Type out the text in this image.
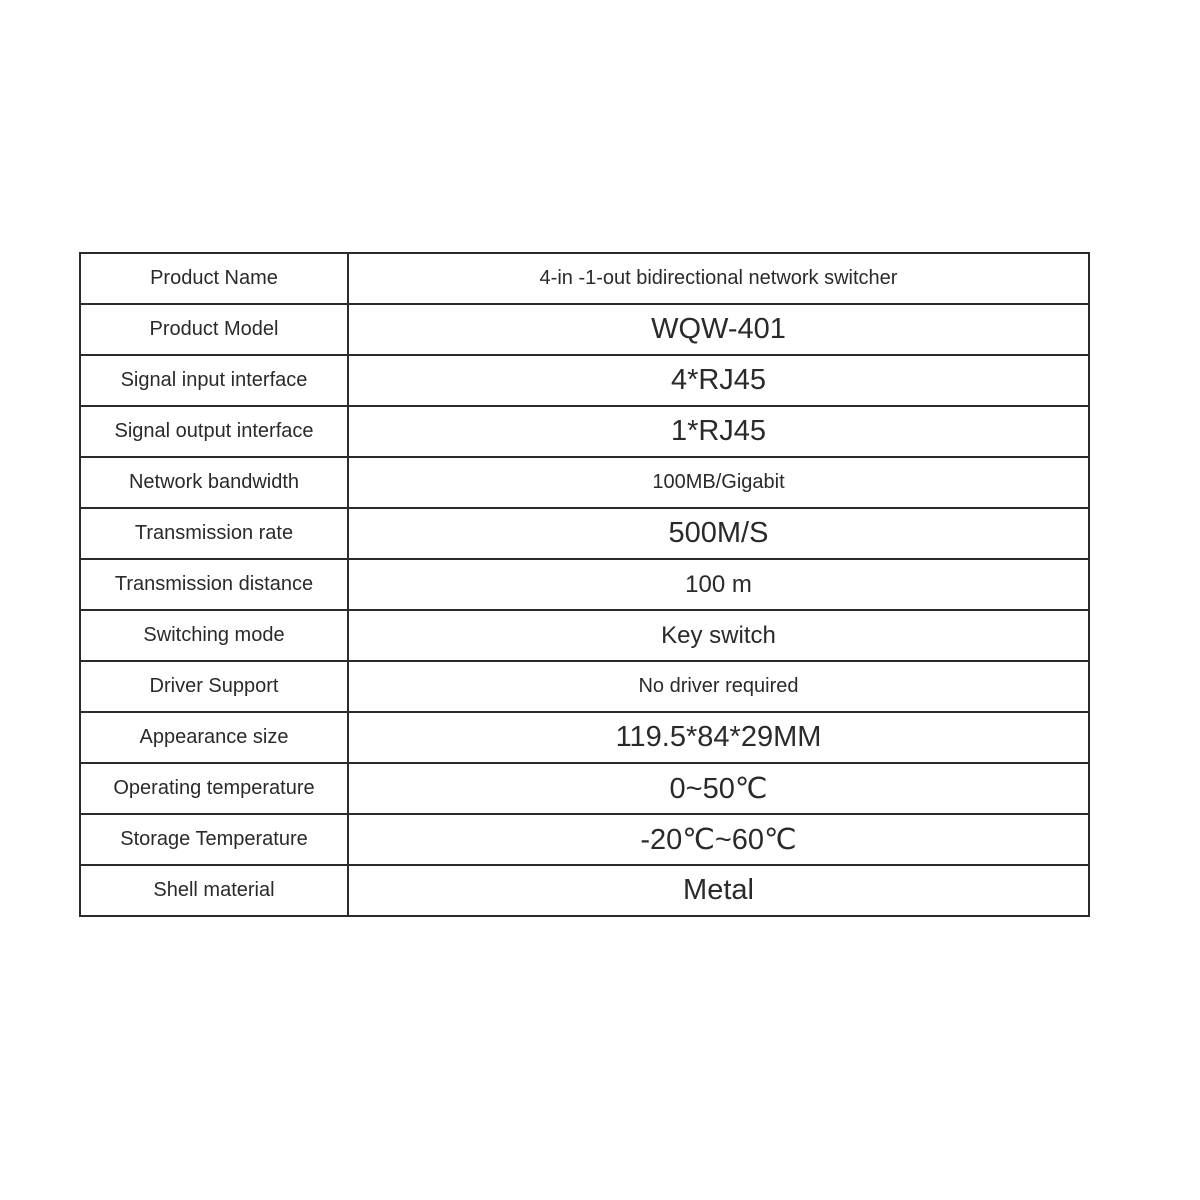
Product Name	4-in -1-out bidirectional network switcher
Product Model	WQW-401
Signal input interface	4*RJ45
Signal output interface	1*RJ45
Network bandwidth	100MB/Gigabit
Transmission rate	500M/S
Transmission distance	100 m
Switching mode	Key switch
Driver Support	No driver required
Appearance size	119.5*84*29MM
Operating temperature	0~50℃
Storage Temperature	-20℃~60℃
Shell material	Metal
